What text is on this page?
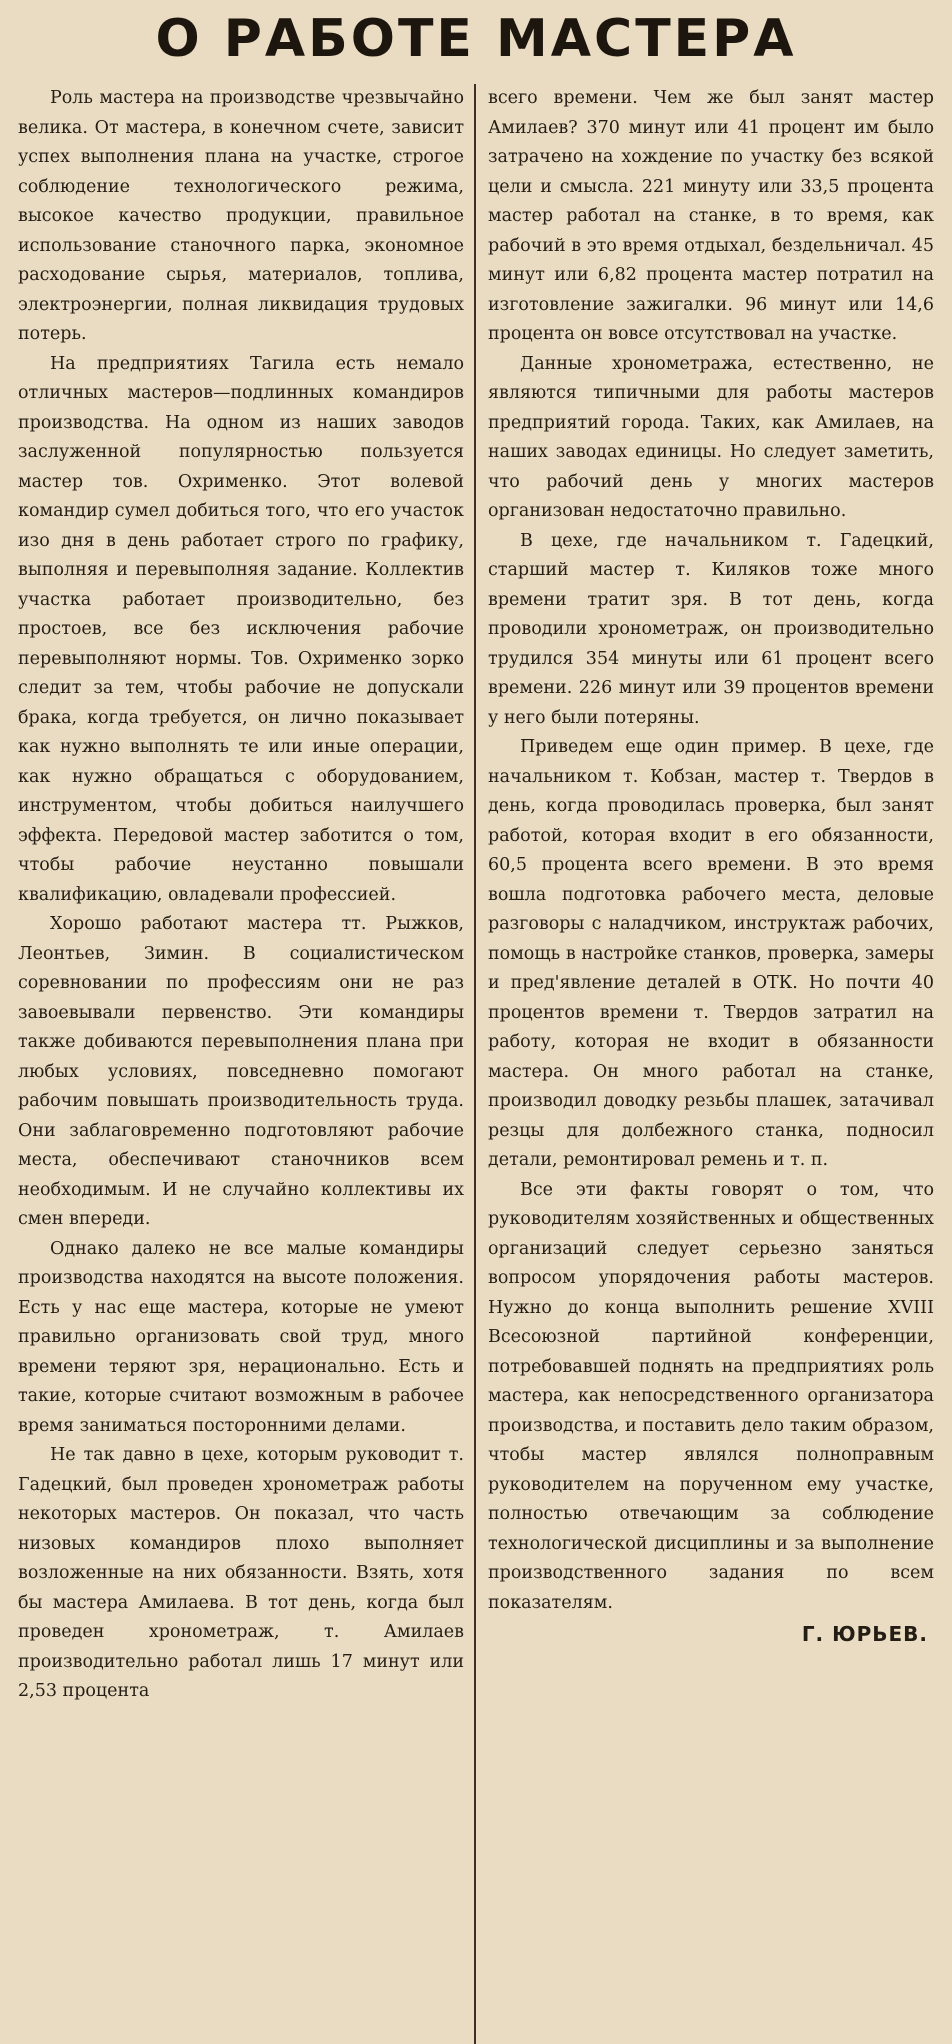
О РАБОТЕ МАСТЕРА

Роль мастера на производстве чрезвычайно велика. От мастера, в конечном счете, зависит успех выполнения плана на участке, строгое соблюдение технологического режима, высокое качество продукции, правильное использование станочного парка, экономное расходование сырья, материалов, топлива, электроэнергии, полная ликвидация трудовых потерь.

На предприятиях Тагила есть немало отличных мастеров—подлинных командиров производства. На одном из наших заводов заслуженной популярностью пользуется мастер тов. Охрименко. Этот волевой командир сумел добиться того, что его участок изо дня в день работает строго по графику, выполняя и перевыполняя задание. Коллектив участка работает производительно, без простоев, все без исключения рабочие перевыполняют нормы. Тов. Охрименко зорко следит за тем, чтобы рабочие не допускали брака, когда требуется, он лично показывает как нужно выполнять те или иные операции, как нужно обращаться с оборудованием, инструментом, чтобы добиться наилучшего эффекта. Передовой мастер заботится о том, чтобы рабочие неустанно повышали квалификацию, овладевали профессией.

Хорошо работают мастера тт. Рыжков, Леонтьев, Зимин. В социалистическом соревновании по профессиям они не раз завоевывали первенство. Эти командиры также добиваются перевыполнения плана при любых условиях, повседневно помогают рабочим повышать производительность труда. Они заблаговременно подготовляют рабочие места, обеспечивают станочников всем необходимым. И не случайно коллективы их смен впереди.

Однако далеко не все малые командиры производства находятся на высоте положения. Есть у нас еще мастера, которые не умеют правильно организовать свой труд, много времени теряют зря, нерационально. Есть и такие, которые считают возможным в рабочее время заниматься посторонними делами.

Не так давно в цехе, которым руководит т. Гадецкий, был проведен хронометраж работы некоторых мастеров. Он показал, что часть низовых командиров плохо выполняет возложенные на них обязанности. Взять, хотя бы мастера Амилаева. В тот день, когда был проведен хронометраж, т. Амилаев производительно работал лишь 17 минут или 2,53 процента

всего времени. Чем же был занят мастер Амилаев? 370 минут или 41 процент им было затрачено на хождение по участку без всякой цели и смысла. 221 минуту или 33,5 процента мастер работал на станке, в то время, как рабочий в это время отдыхал, бездельничал. 45 минут или 6,82 процента мастер потратил на изготовление зажигалки. 96 минут или 14,6 процента он вовсе отсутствовал на участке.

Данные хронометража, естественно, не являются типичными для работы мастеров предприятий города. Таких, как Амилаев, на наших заводах единицы. Но следует заметить, что рабочий день у многих мастеров организован недостаточно правильно.

В цехе, где начальником т. Гадецкий, старший мастер т. Киляков тоже много времени тратит зря. В тот день, когда проводили хронометраж, он производительно трудился 354 минуты или 61 процент всего времени. 226 минут или 39 процентов времени у него были потеряны.

Приведем еще один пример. В цехе, где начальником т. Кобзан, мастер т. Твердов в день, когда проводилась проверка, был занят работой, которая входит в его обязанности, 60,5 процента всего времени. В это время вошла подготовка рабочего места, деловые разговоры с наладчиком, инструктаж рабочих, помощь в настройке станков, проверка, замеры и пред'явление деталей в ОТК. Но почти 40 процентов времени т. Твердов затратил на работу, которая не входит в обязанности мастера. Он много работал на станке, производил доводку резьбы плашек, затачивал резцы для долбежного станка, подносил детали, ремонтировал ремень и т. п.

Все эти факты говорят о том, что руководителям хозяйственных и общественных организаций следует серьезно заняться вопросом упорядочения работы мастеров. Нужно до конца выполнить решение XVIII Всесоюзной партийной конференции, потребовавшей поднять на предприятиях роль мастера, как непосредственного организатора производства, и поставить дело таким образом, чтобы мастер являлся полноправным руководителем на порученном ему участке, полностью отвечающим за соблюдение технологической дисциплины и за выполнение производственного задания по всем показателям.

Г. ЮРЬЕВ.
